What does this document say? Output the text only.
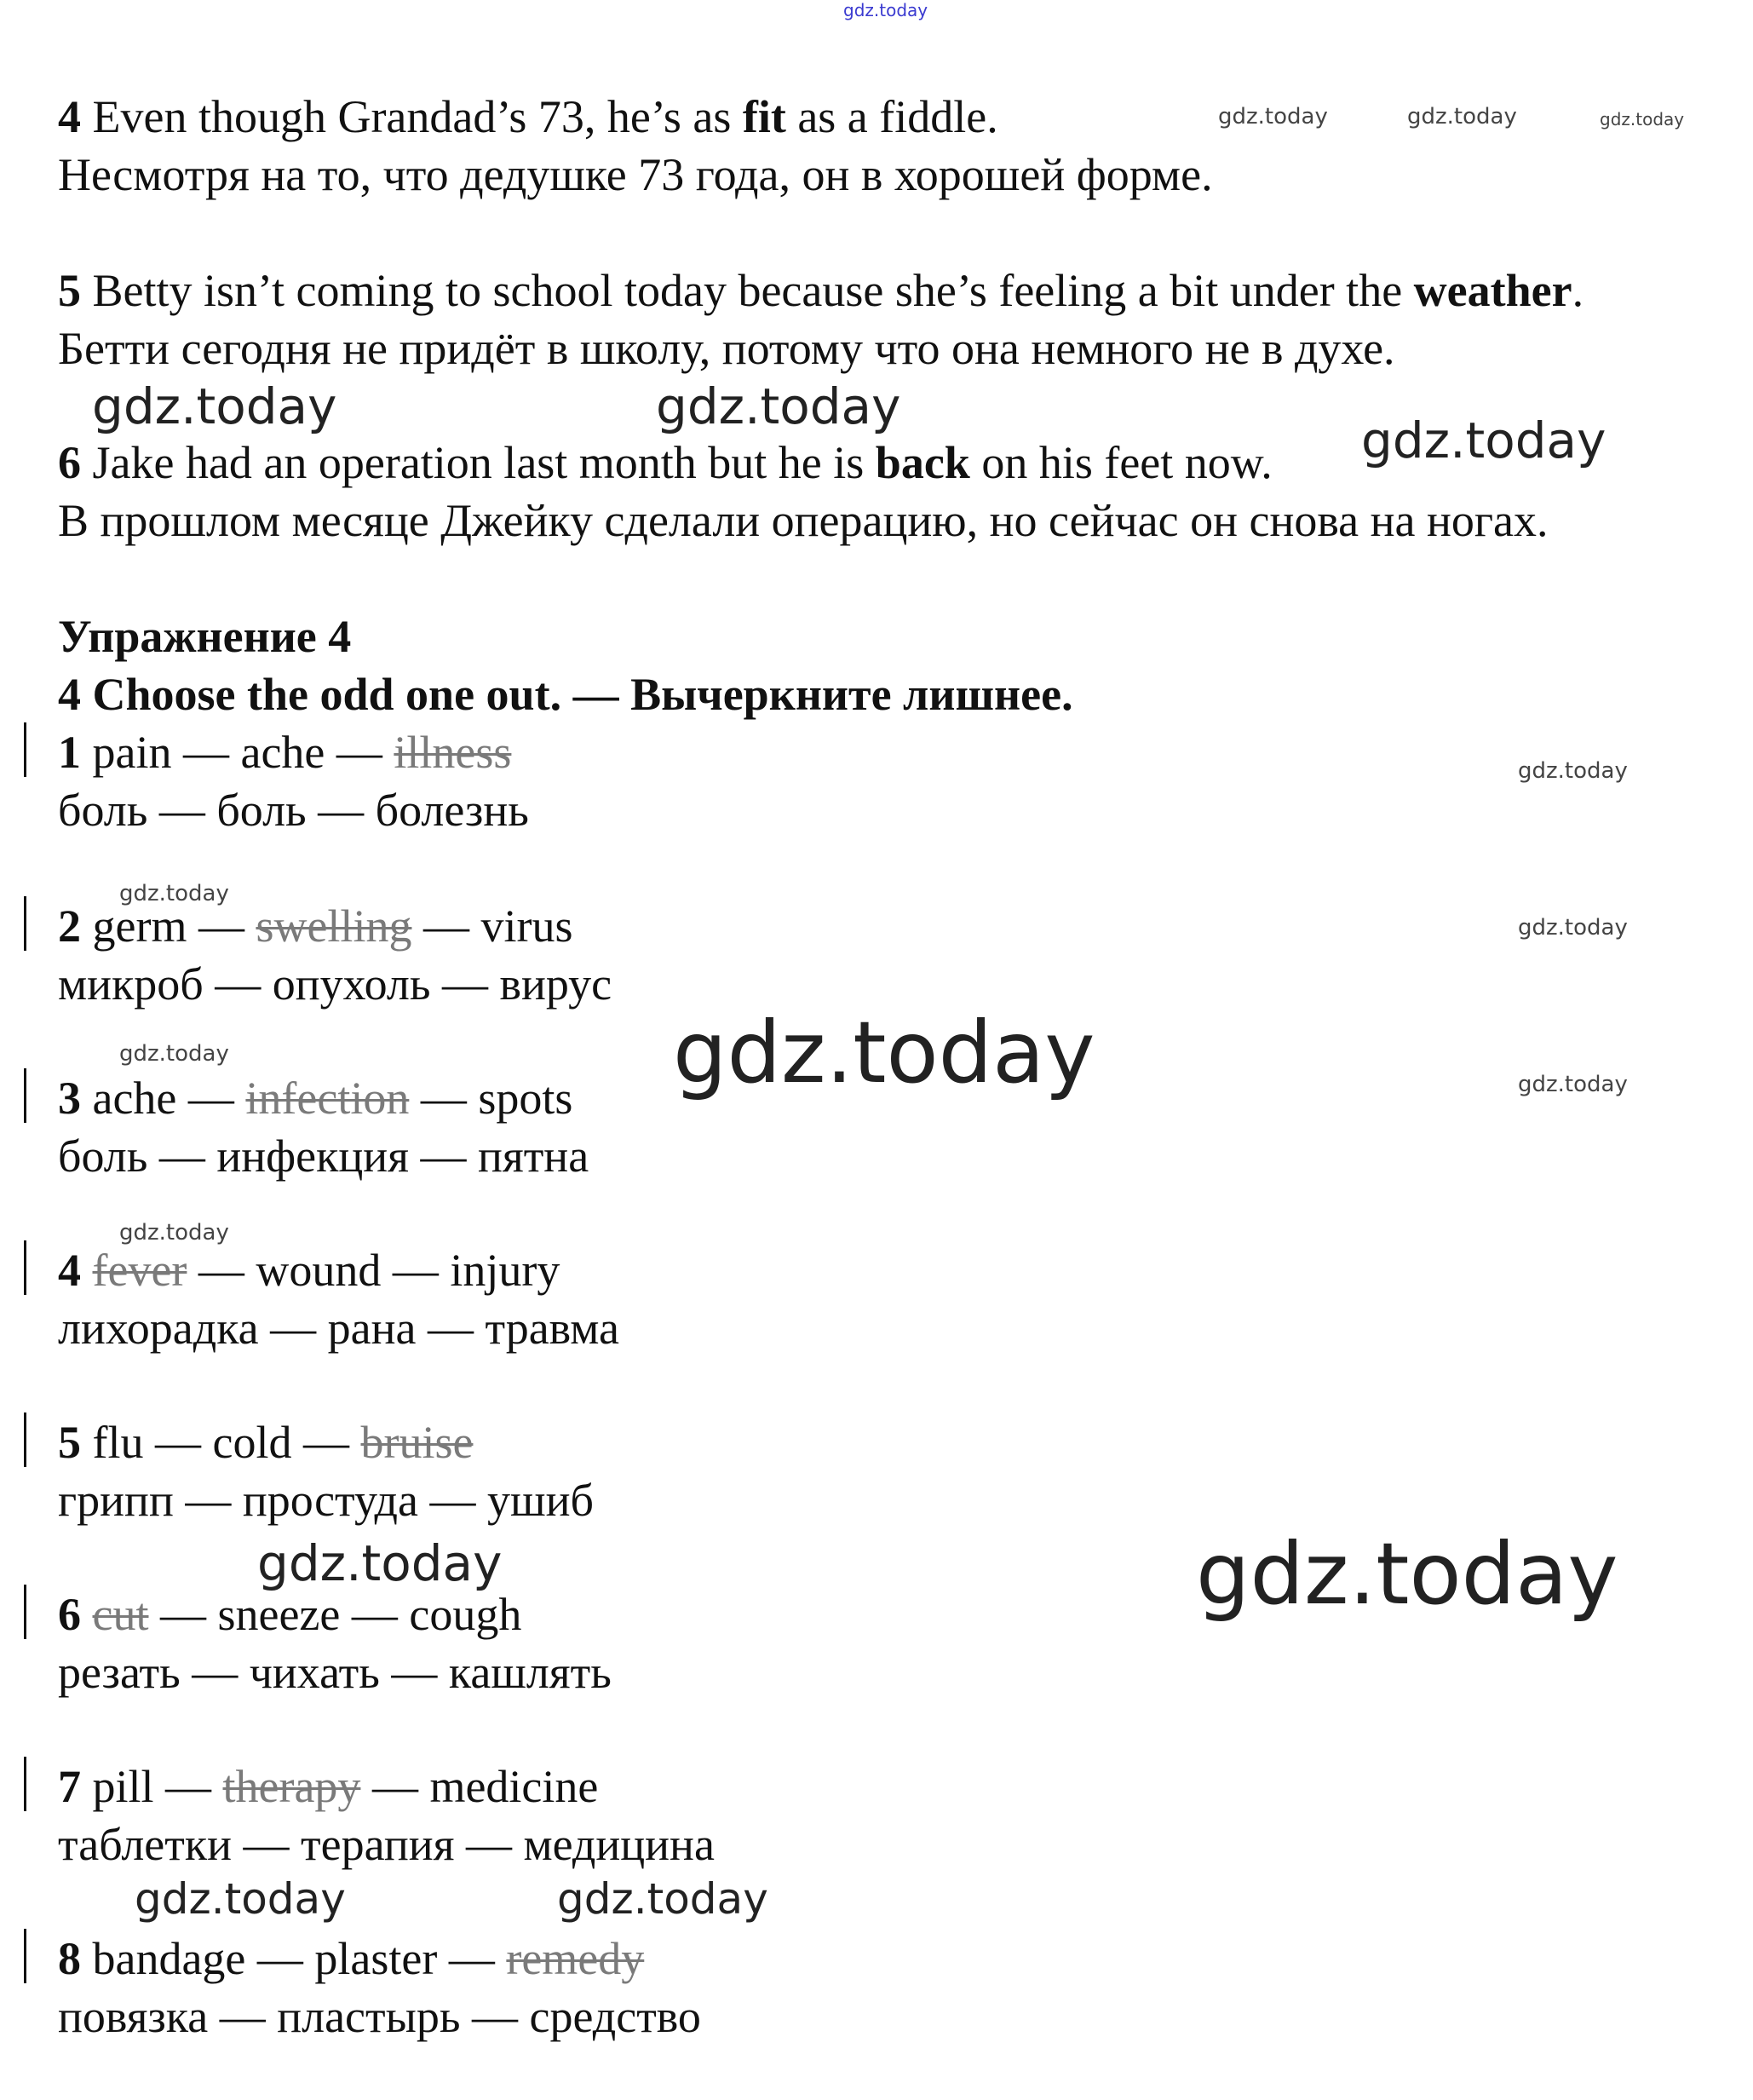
gdz.today
gdz.today	gdz.today	gdz.today
gdz.today	gdz.today
gdz.today
gdz.today
gdz.today
gdz.today
gdz.today	gdz.today	gdz.today
gdz.today
gdz.today	gdz.today
gdz.today	gdz.today
4 Even though Grandad’s 73, he’s as fit as a fiddle.
Несмотря на то, что дедушке 73 года, он в хорошей форме.
5 Betty isn’t coming to school today because she’s feeling a bit under the weather.
Бетти сегодня не придёт в школу, потому что она немного не в духе.
6 Jake had an operation last month but he is back on his feet now.
В прошлом месяце Джейку сделали операцию, но сейчас он снова на ногах.
Упражнение 4
4 Choose the odd one out. — Вычеркните лишнее.
1 pain — ache — illness
боль — боль — болезнь
2 germ — swelling — virus
микроб — опухоль — вирус
3 ache — infection — spots
боль — инфекция — пятна
4 fever — wound — injury
лихорадка — рана — травма
5 flu — cold — bruise
грипп — простуда — ушиб
6 cut — sneeze — cough
резать — чихать — кашлять
7 pill — therapy — medicine
таблетки — терапия — медицина
8 bandage — plaster — remedy
повязка — пластырь — средство
